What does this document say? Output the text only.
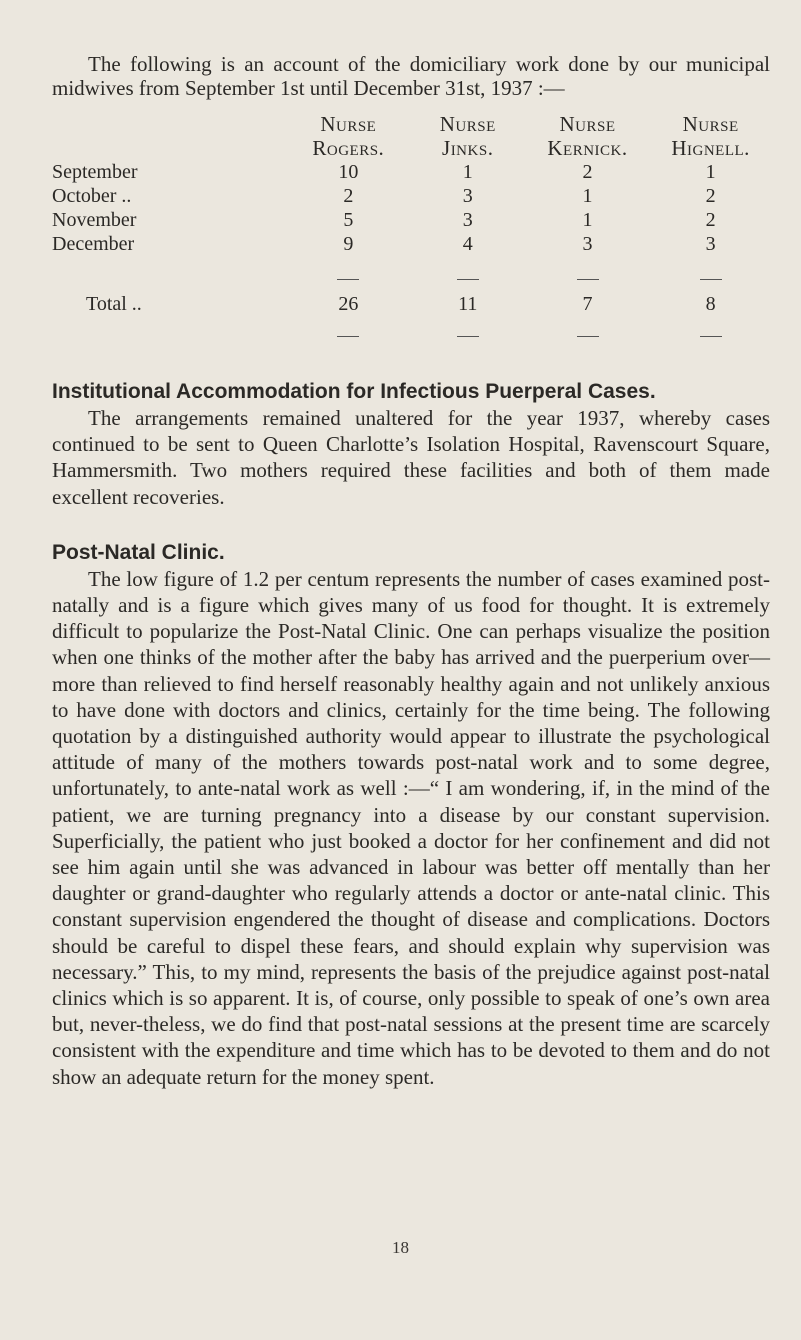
The following is an account of the domiciliary work done by our municipal midwives from September 1st until December 31st, 1937 :—

	Nurse	Nurse	Nurse	Nurse
	Rogers.	Jinks.	Kernick.	Hignell.
September	10	1	2	1
October ..	2	3	1	2
November	5	3	1	2
December	9	4	3	3

Total ..	26	11	7	8

Institutional Accommodation for Infectious Puerperal Cases.

The arrangements remained unaltered for the year 1937, whereby cases continued to be sent to Queen Charlotte’s Isolation Hospital, Ravenscourt Square, Hammersmith. Two mothers required these facilities and both of them made excellent recoveries.

Post-Natal Clinic.

The low figure of 1.2 per centum represents the number of cases examined post-natally and is a figure which gives many of us food for thought. It is extremely difficult to popularize the Post-Natal Clinic. One can perhaps visualize the position when one thinks of the mother after the baby has arrived and the puerperium over—more than relieved to find herself reasonably healthy again and not unlikely anxious to have done with doctors and clinics, certainly for the time being. The following quotation by a distinguished authority would appear to illustrate the psychological attitude of many of the mothers towards post-natal work and to some degree, unfortunately, to ante-natal work as well :—“ I am wondering, if, in the mind of the patient, we are turning pregnancy into a disease by our constant supervision. Superficially, the patient who just booked a doctor for her confinement and did not see him again until she was advanced in labour was better off mentally than her daughter or grand-daughter who regularly attends a doctor or ante-natal clinic. This constant supervision engendered the thought of disease and complications. Doctors should be careful to dispel these fears, and should explain why supervision was necessary.” This, to my mind, represents the basis of the prejudice against post-natal clinics which is so apparent. It is, of course, only possible to speak of one’s own area but, never-theless, we do find that post-natal sessions at the present time are scarcely consistent with the expenditure and time which has to be devoted to them and do not show an adequate return for the money spent.

18
